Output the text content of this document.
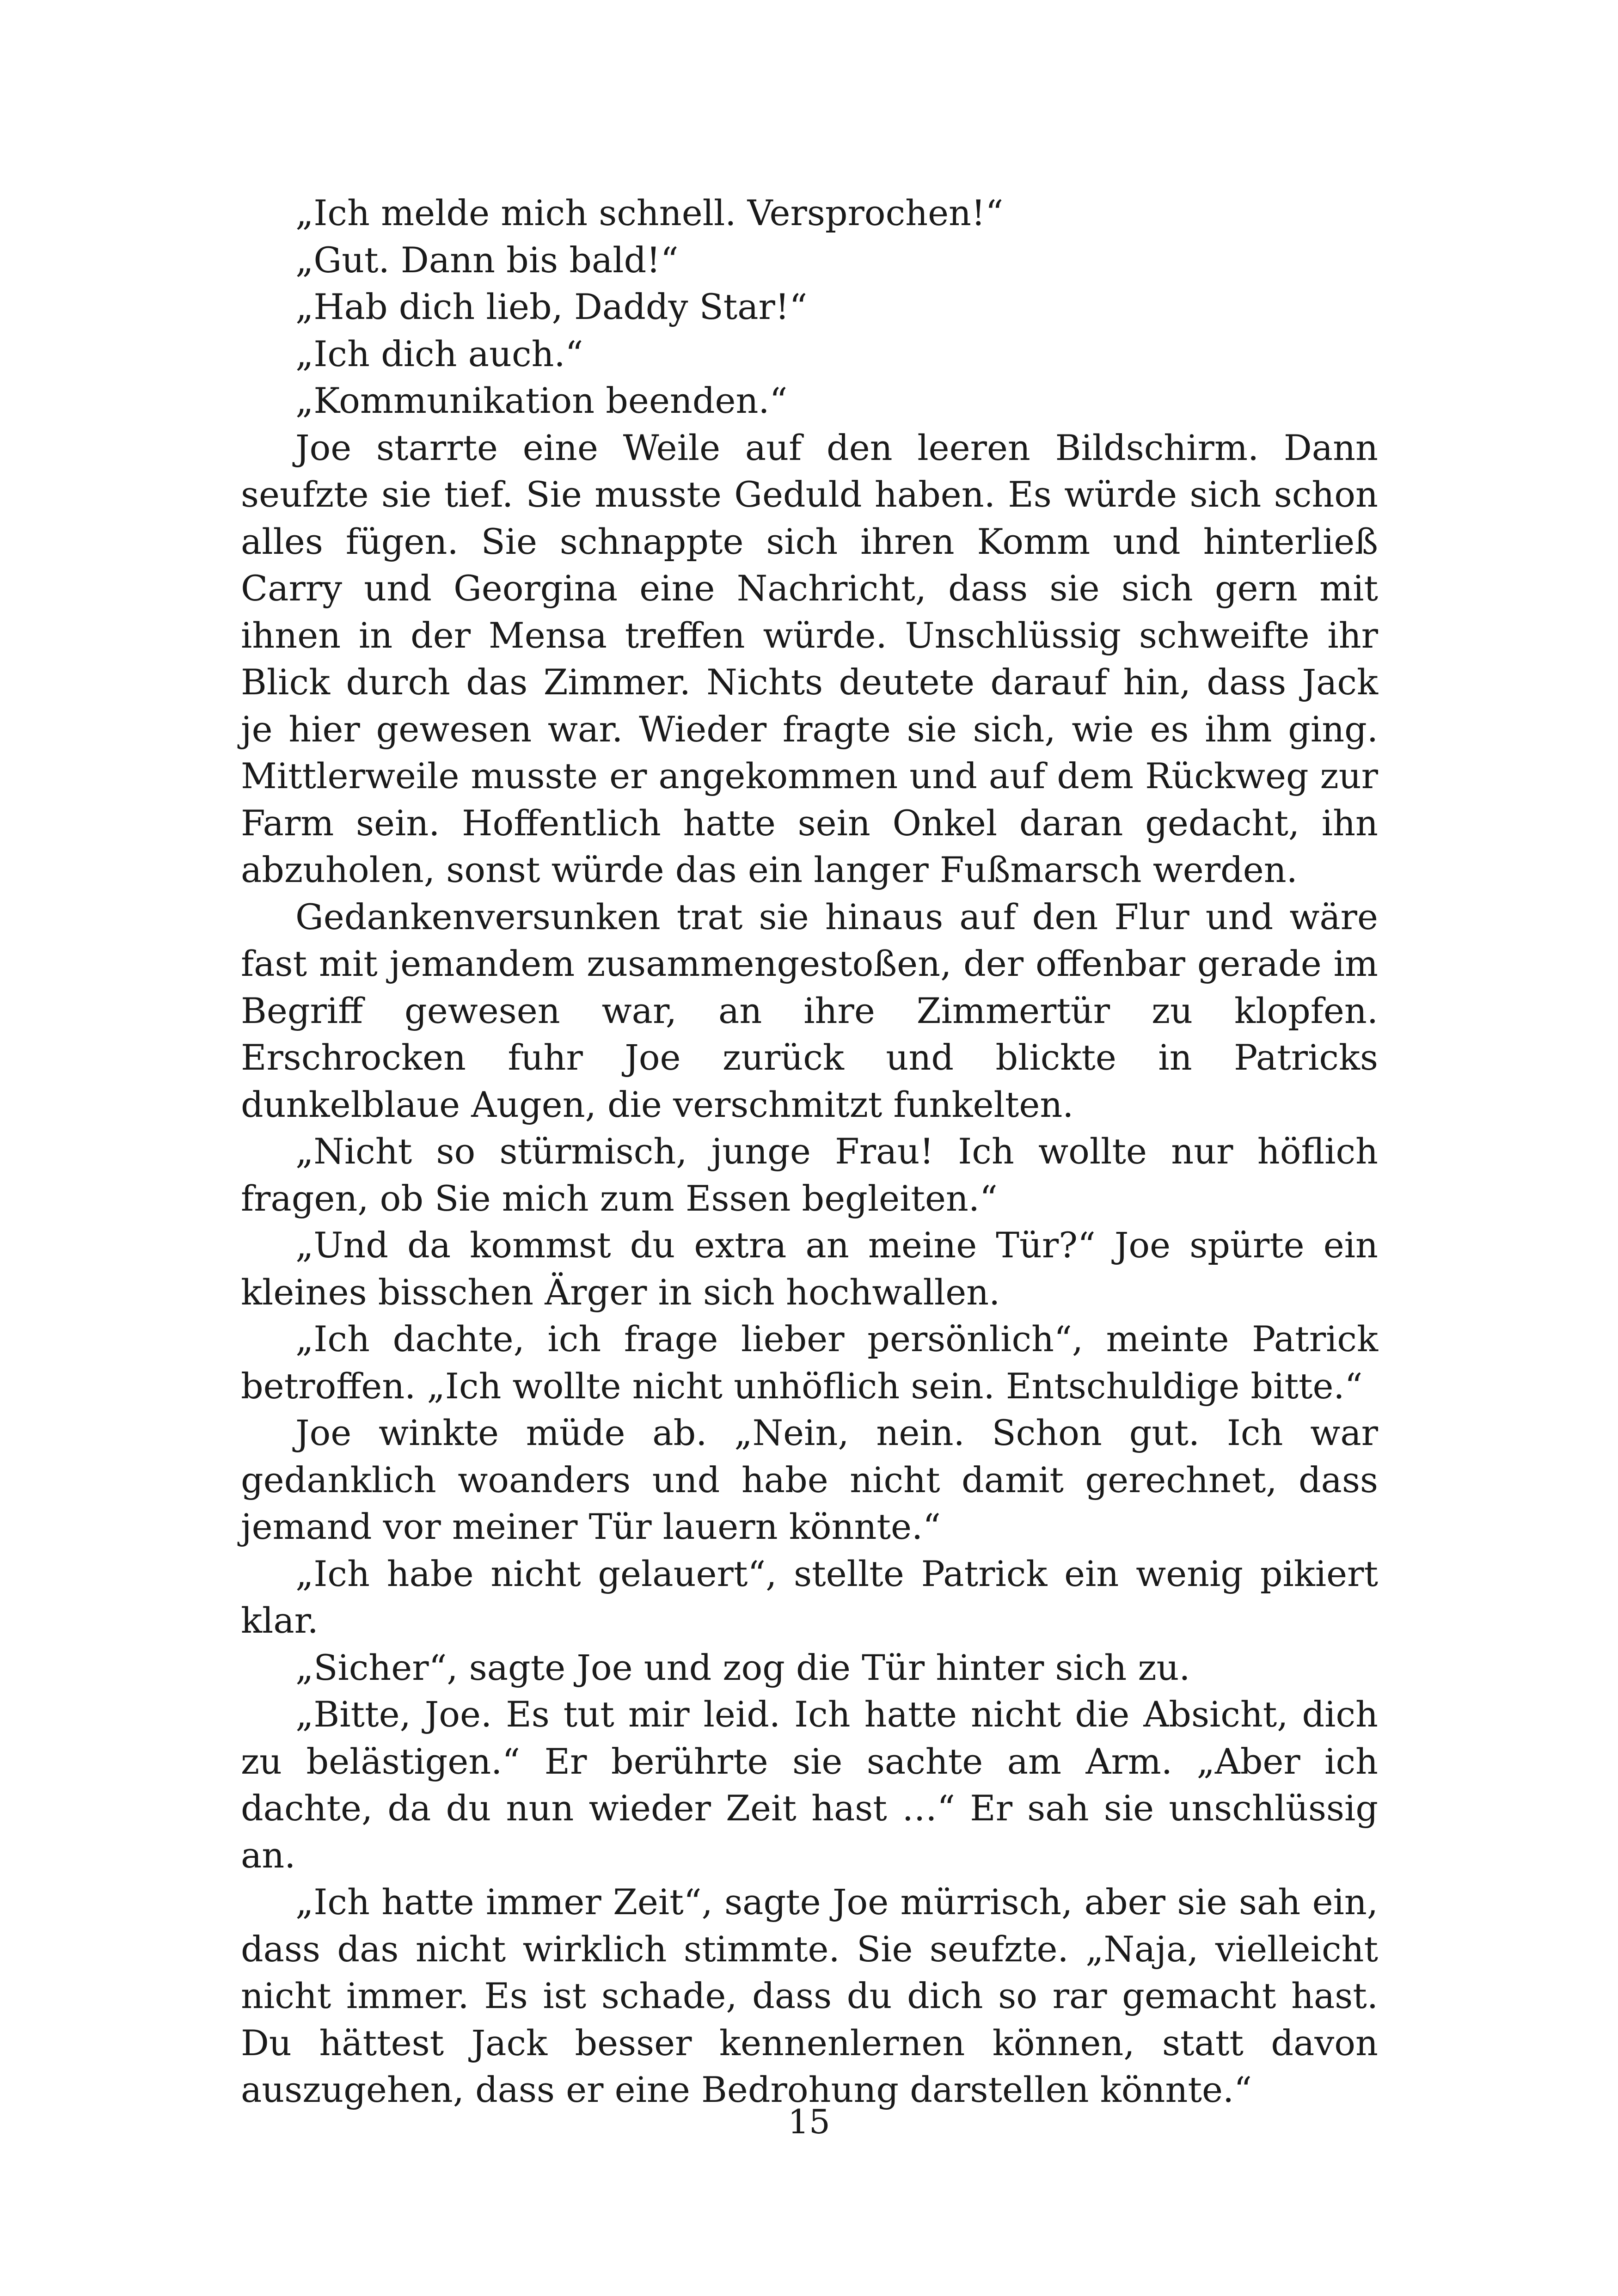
„Ich melde mich schnell. Versprochen!“

„Gut. Dann bis bald!“

„Hab dich lieb, Daddy Star!“

„Ich dich auch.“

„Kommunikation beenden.“

Joe starrte eine Weile auf den leeren Bildschirm. Dann seufzte sie tief. Sie musste Geduld haben. Es würde sich schon alles fügen. Sie schnappte sich ihren Komm und hinterließ Carry und Georgina eine Nachricht, dass sie sich gern mit ihnen in der Mensa treffen würde. Unschlüssig schweifte ihr Blick durch das Zimmer. Nichts deutete darauf hin, dass Jack je hier gewesen war. Wieder fragte sie sich, wie es ihm ging. Mittlerweile musste er angekommen und auf dem Rückweg zur Farm sein. Hoffentlich hatte sein Onkel daran gedacht, ihn abzuholen, sonst würde das ein langer Fußmarsch werden.

Gedankenversunken trat sie hinaus auf den Flur und wäre fast mit jemandem zusammengestoßen, der offenbar gerade im Begriff gewesen war, an ihre Zimmertür zu klopfen. Erschrocken fuhr Joe zurück und blickte in Patricks dunkelblaue Augen, die verschmitzt funkelten.

„Nicht so stürmisch, junge Frau! Ich wollte nur höflich fragen, ob Sie mich zum Essen begleiten.“

„Und da kommst du extra an meine Tür?“ Joe spürte ein kleines bisschen Ärger in sich hochwallen.

„Ich dachte, ich frage lieber persönlich“, meinte Patrick betroffen. „Ich wollte nicht unhöflich sein. Entschuldige bitte.“

Joe winkte müde ab. „Nein, nein. Schon gut. Ich war gedanklich woanders und habe nicht damit gerechnet, dass jemand vor meiner Tür lauern könnte.“

„Ich habe nicht gelauert“, stellte Patrick ein wenig pikiert klar.

„Sicher“, sagte Joe und zog die Tür hinter sich zu.

„Bitte, Joe. Es tut mir leid. Ich hatte nicht die Absicht, dich zu belästigen.“ Er berührte sie sachte am Arm. „Aber ich dachte, da du nun wieder Zeit hast …“ Er sah sie unschlüssig an.

„Ich hatte immer Zeit“, sagte Joe mürrisch, aber sie sah ein, dass das nicht wirklich stimmte. Sie seufzte. „Naja, vielleicht nicht immer. Es ist schade, dass du dich so rar gemacht hast. Du hättest Jack besser kennenlernen können, statt davon auszugehen, dass er eine Bedrohung darstellen könnte.“

15
